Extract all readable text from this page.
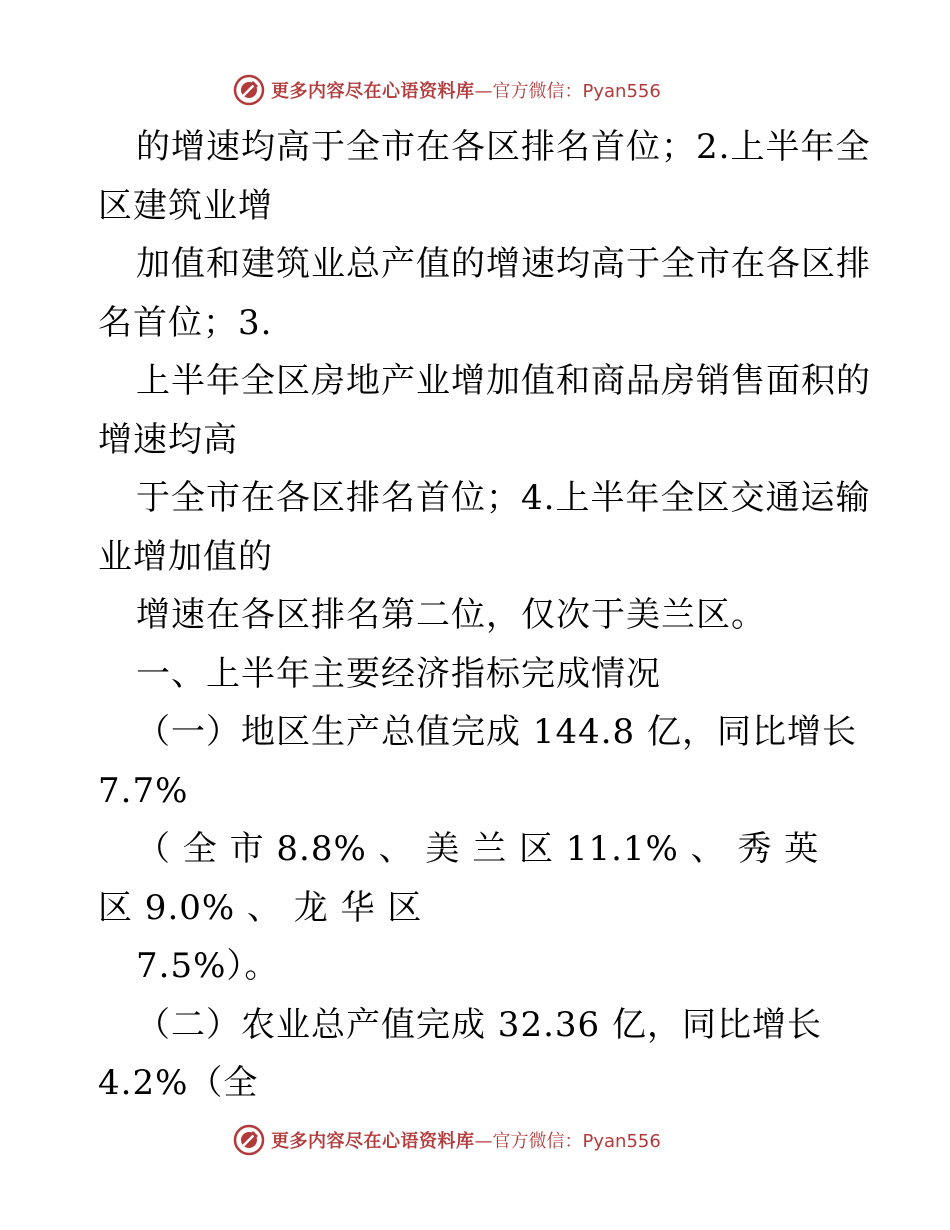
更多内容尽在心语资料库 —官方微信：Pyan556
的增速均高于全市在各区排名首位；2.上半年全
区建筑业增
加值和建筑业总产值的增速均高于全市在各区排
名首位；3.
上半年全区房地产业增加值和商品房销售面积的
增速均高
于全市在各区排名首位；4.上半年全区交通运输
业增加值的
增速在各区排名第二位，仅次于美兰区。
一、上半年主要经济指标完成情况
（一）地区生产总值完成 144.8 亿，同比增长
7.7%
（ 全 市 8.8% 、 美 兰 区 11.1% 、 秀 英
区 9.0% 、 龙 华 区
7.5%）。
（二）农业总产值完成 32.36 亿，同比增长
4.2%（全
更多内容尽在心语资料库 —官方微信：Pyan556
